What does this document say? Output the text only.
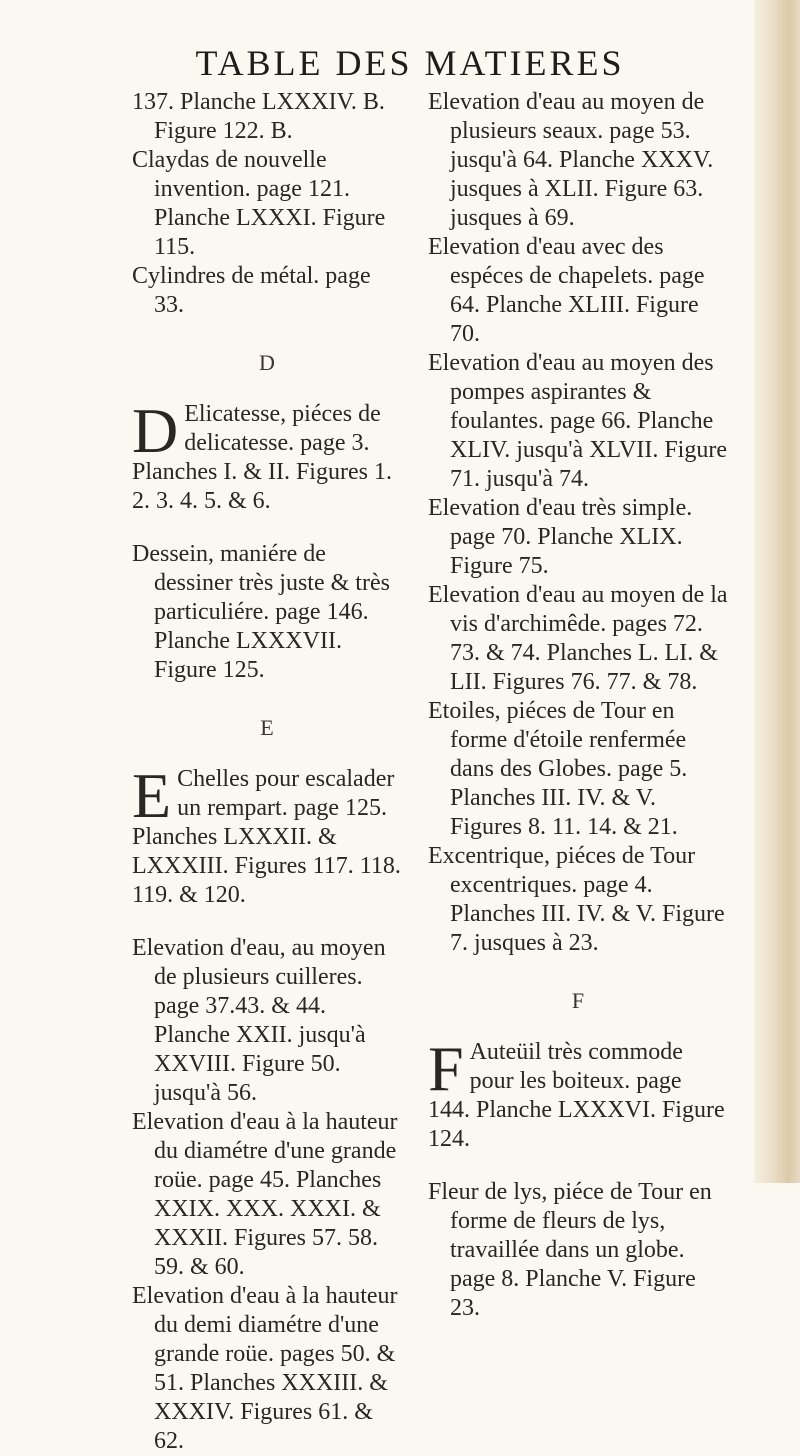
TABLE DES MATIERES

137. Planche LXXXIV. B. Figure 122. B.

Claydas de nouvelle invention. page 121. Planche LXXXI. Figure 115.

Cylindres de métal. page 33.

D

D Elicatesse, piéces de delicatesse. page 3. Planches I. & II. Figures 1. 2. 3. 4. 5. & 6.

Dessein, maniére de dessiner très juste & très particuliére. page 146. Planche LXXXVII. Figure 125.

E

E Chelles pour escalader un rempart. page 125. Planches LXXXII. & LXXXIII. Figures 117. 118. 119. & 120.

Elevation d'eau, au moyen de plusieurs cuilleres. page 37.43. & 44. Planche XXII. jusqu'à XXVIII. Figure 50. jusqu'à 56.

Elevation d'eau à la hauteur du diamétre d'une grande roüe. page 45. Planches XXIX. XXX. XXXI. & XXXII. Figures 57. 58. 59. & 60.

Elevation d'eau à la hauteur du demi diamétre d'une grande roüe. pages 50. & 51. Planches XXXIII. & XXXIV. Figures 61. & 62.

Elevation d'eau au moyen de plusieurs seaux. page 53. jusqu'à 64. Planche XXXV. jusques à XLII. Figure 63. jusques à 69.

Elevation d'eau avec des espéces de chapelets. page 64. Planche XLIII. Figure 70.

Elevation d'eau au moyen des pompes aspirantes & foulantes. page 66. Planche XLIV. jusqu'à XLVII. Figure 71. jusqu'à 74.

Elevation d'eau très simple. page 70. Planche XLIX. Figure 75.

Elevation d'eau au moyen de la vis d'archimêde. pages 72. 73. & 74. Planches L. LI. & LII. Figures 76. 77. & 78.

Etoiles, piéces de Tour en forme d'étoile renfermée dans des Globes. page 5. Planches III. IV. & V. Figures 8. 11. 14. & 21.

Excentrique, piéces de Tour excentriques. page 4. Planches III. IV. & V. Figure 7. jusques à 23.

F

F Auteüil très commode pour les boiteux. page 144. Planche LXXXVI. Figure 124.

Fleur de lys, piéce de Tour en forme de fleurs de lys, travaillée dans un globe. page 8. Planche V. Figure 23.
